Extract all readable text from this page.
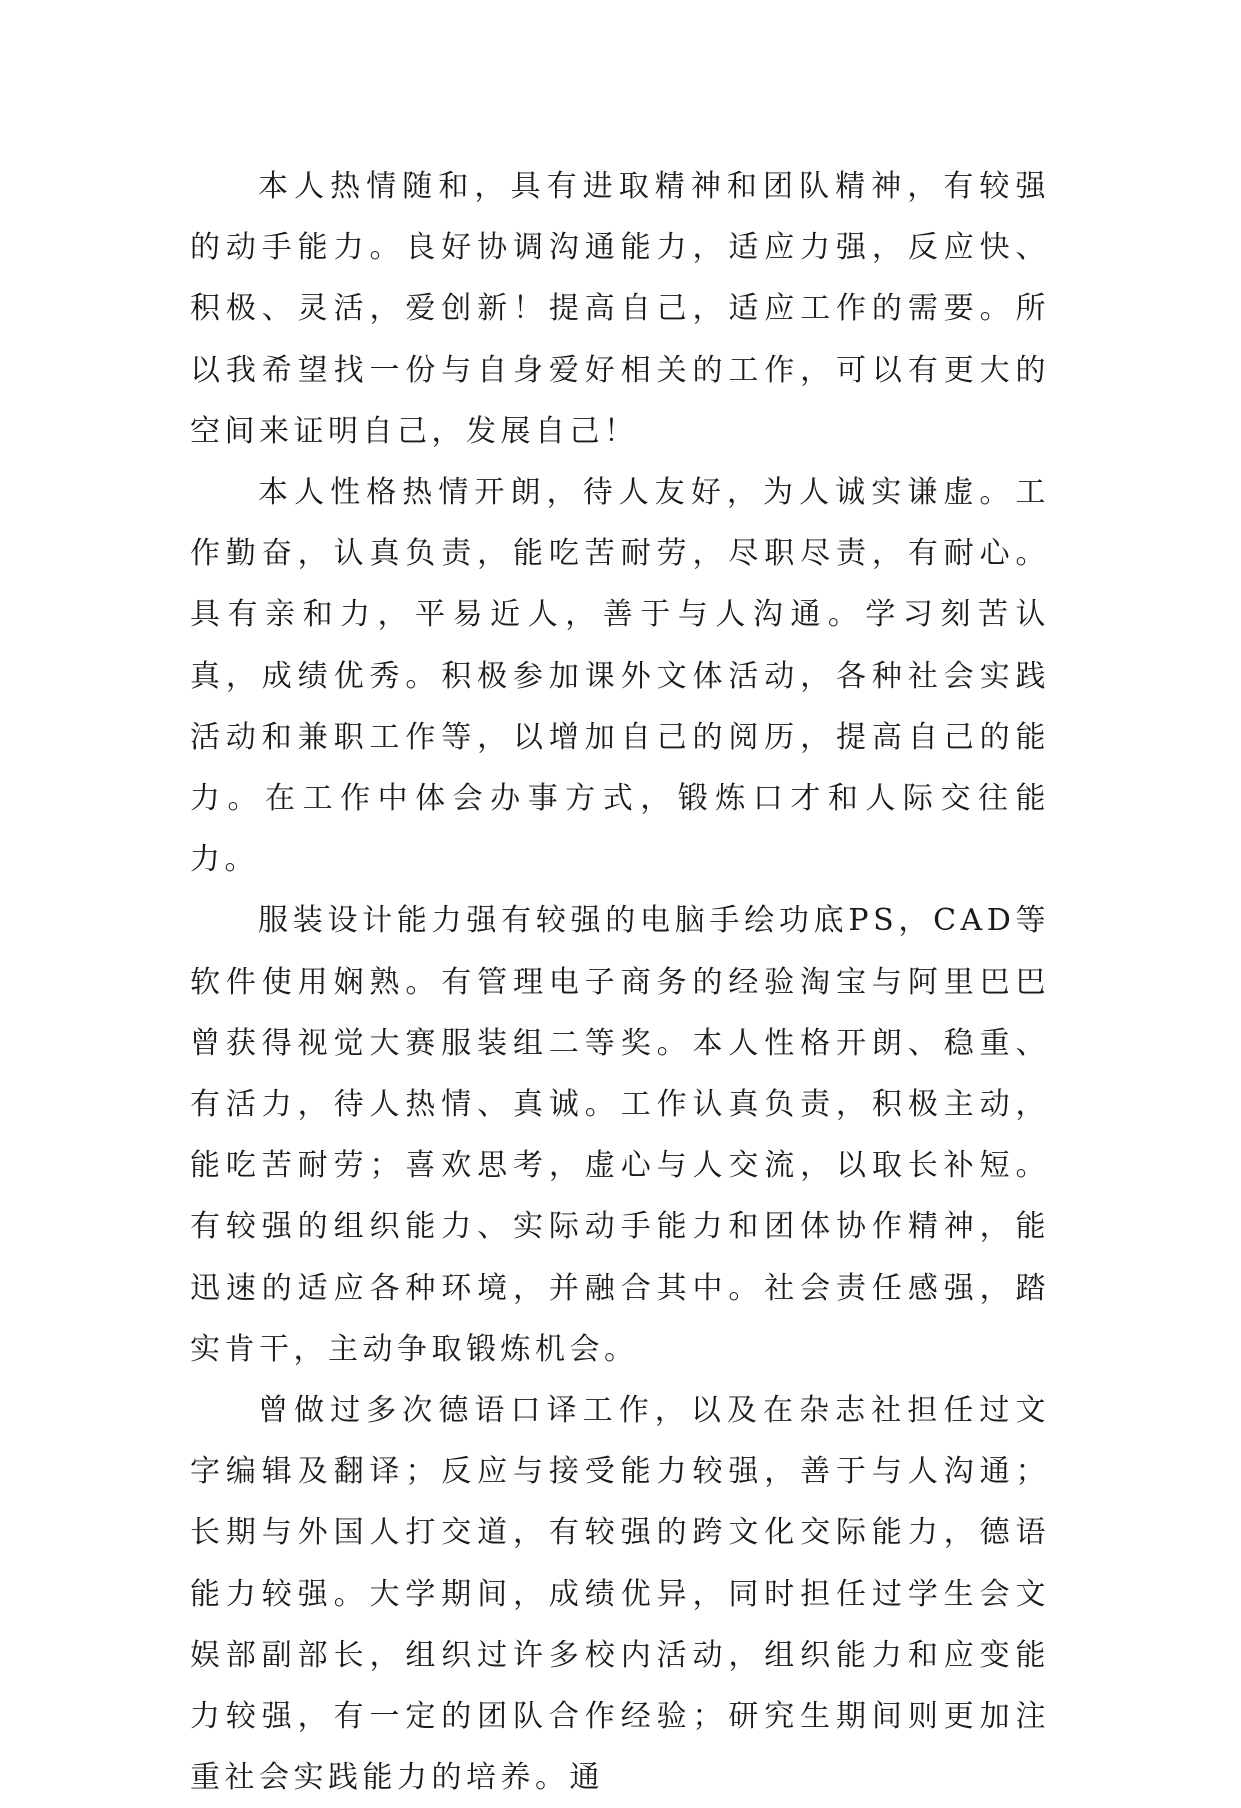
本人热情随和，具有进取精神和团队精神，有较强的动手能力。良好协调沟通能力，适应力强，反应快、积极、灵活，爱创新！提高自己，适应工作的需要。所以我希望找一份与自身爱好相关的工作，可以有更大的空间来证明自己，发展自己！

本人性格热情开朗，待人友好，为人诚实谦虚。工作勤奋，认真负责，能吃苦耐劳，尽职尽责，有耐心。具有亲和力，平易近人，善于与人沟通。学习刻苦认真，成绩优秀。积极参加课外文体活动，各种社会实践活动和兼职工作等，以增加自己的阅历，提高自己的能力。在工作中体会办事方式，锻炼口才和人际交往能力。

服装设计能力强有较强的电脑手绘功底PS，CAD等软件使用娴熟。有管理电子商务的经验淘宝与阿里巴巴曾获得视觉大赛服装组二等奖。本人性格开朗、稳重、有活力，待人热情、真诚。工作认真负责，积极主动，能吃苦耐劳；喜欢思考，虚心与人交流，以取长补短。有较强的组织能力、实际动手能力和团体协作精神，能迅速的适应各种环境，并融合其中。社会责任感强，踏实肯干，主动争取锻炼机会。

曾做过多次德语口译工作，以及在杂志社担任过文字编辑及翻译；反应与接受能力较强，善于与人沟通；长期与外国人打交道，有较强的跨文化交际能力，德语能力较强。大学期间，成绩优异，同时担任过学生会文娱部副部长，组织过许多校内活动，组织能力和应变能力较强，有一定的团队合作经验；研究生期间则更加注重社会实践能力的培养。通
